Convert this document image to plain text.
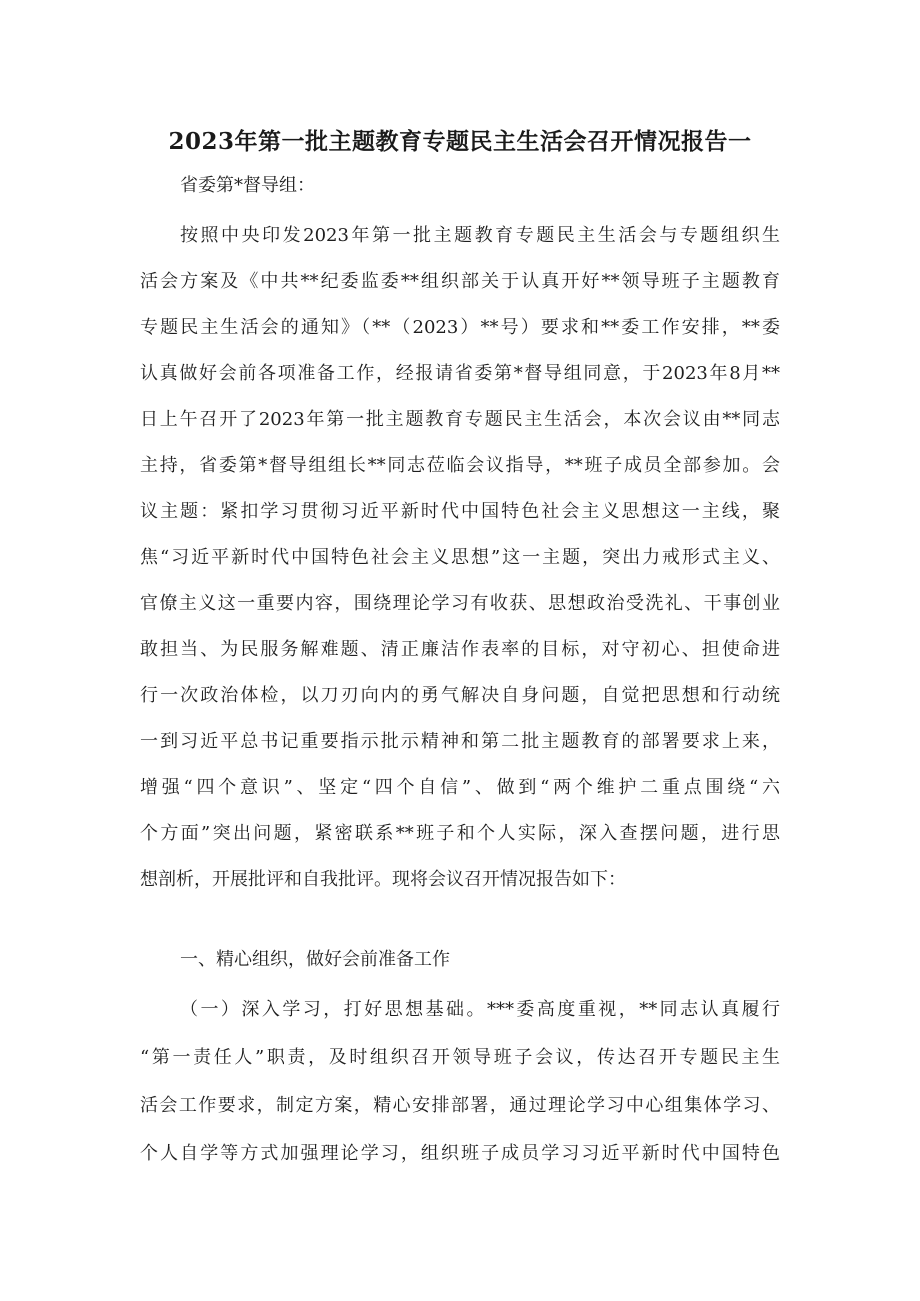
2023年第一批主题教育专题民主生活会召开情况报告一
省委第*督导组：
按照中央印发2023年第一批主题教育专题民主生活会与专题组织生
活会方案及《中共**纪委监委**组织部关于认真开好**领导班子主题教育
专题民主生活会的通知》（**（2023）**号）要求和**委工作安排，**委
认真做好会前各项准备工作，经报请省委第*督导组同意，于2023年8月**
日上午召开了2023年第一批主题教育专题民主生活会，本次会议由**同志
主持，省委第*督导组组长**同志莅临会议指导，**班子成员全部参加。会
议主题：紧扣学习贯彻习近平新时代中国特色社会主义思想这一主线，聚
焦“习近平新时代中国特色社会主义思想”这一主题，突出力戒形式主义、
官僚主义这一重要内容，围绕理论学习有收获、思想政治受洗礼、干事创业
敢担当、为民服务解难题、清正廉洁作表率的目标，对守初心、担使命进
行一次政治体检，以刀刃向内的勇气解决自身问题，自觉把思想和行动统
一到习近平总书记重要指示批示精神和第二批主题教育的部署要求上来，
增强“四个意识”、坚定“四个自信”、做到“两个维护二重点围绕“六
个方面”突出问题，紧密联系**班子和个人实际，深入查摆问题，进行思
想剖析，开展批评和自我批评。现将会议召开情况报告如下：
一、精心组织，做好会前准备工作
（一）深入学习，打好思想基础。***委高度重视，**同志认真履行
“第一责任人”职责，及时组织召开领导班子会议，传达召开专题民主生
活会工作要求，制定方案，精心安排部署，通过理论学习中心组集体学习、
个人自学等方式加强理论学习，组织班子成员学习习近平新时代中国特色
